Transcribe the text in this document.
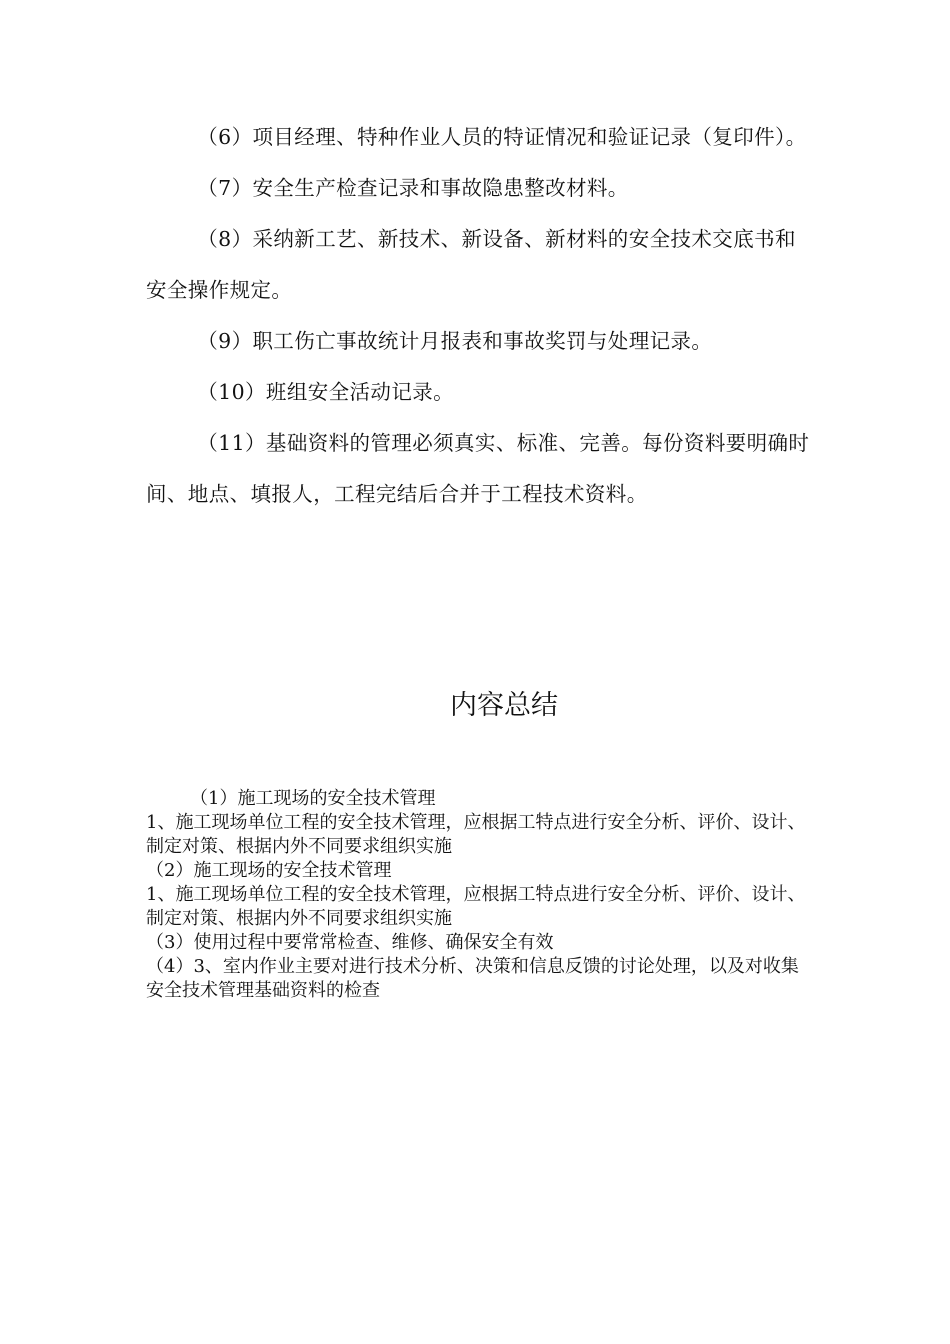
（6）项目经理、特种作业人员的特证情况和验证记录（复印件）。

（7）安全生产检查记录和事故隐患整改材料。

（8）采纳新工艺、新技术、新设备、新材料的安全技术交底书和安全操作规定。

（9）职工伤亡事故统计月报表和事故奖罚与处理记录。

（10）班组安全活动记录。

（11）基础资料的管理必须真实、标准、完善。每份资料要明确时间、地点、填报人，工程完结后合并于工程技术资料。

内容总结
（1）施工现场的安全技术管理
1、施工现场单位工程的安全技术管理，应根据工特点进行安全分析、评价、设计、制定对策、根据内外不同要求组织实施
（2）施工现场的安全技术管理
1、施工现场单位工程的安全技术管理，应根据工特点进行安全分析、评价、设计、制定对策、根据内外不同要求组织实施
（3）使用过程中要常常检查、维修、确保安全有效
（4）3、室内作业主要对进行技术分析、决策和信息反馈的讨论处理，以及对收集安全技术管理基础资料的检查
